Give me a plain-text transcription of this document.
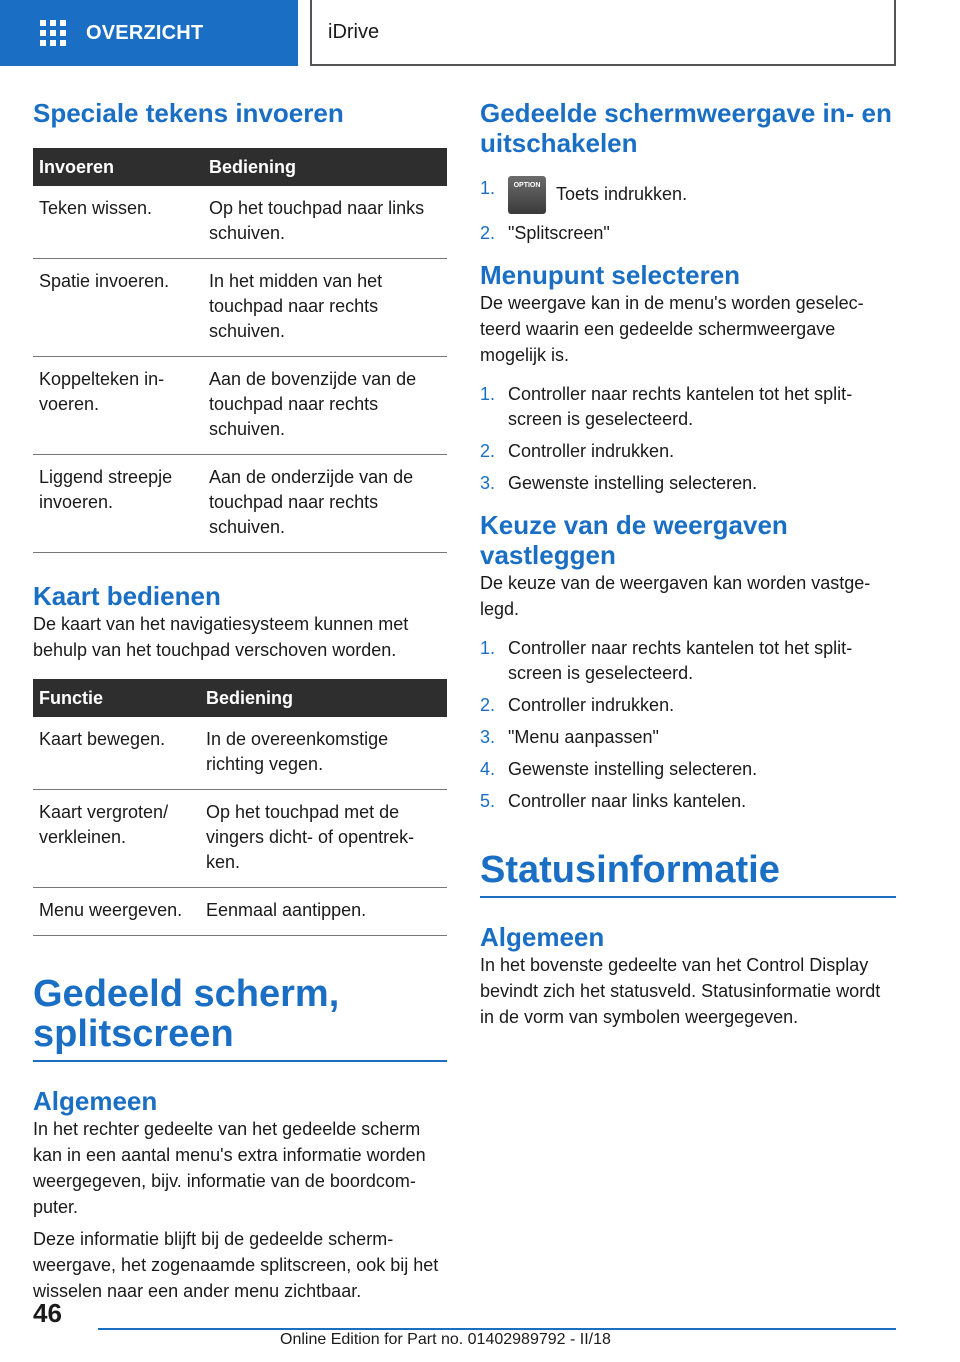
OVERZICHT	iDrive
Speciale tekens invoeren
Invoeren	Bediening
Teken wissen.	Op het touchpad naar links schuiven.
Spatie invoeren.	In het midden van het touchpad naar rechts schuiven.
Koppelteken invoeren.	Aan de bovenzijde van de touchpad naar rechts schuiven.
Liggend streepje invoeren.	Aan de onderzijde van de touchpad naar rechts schuiven.
Kaart bedienen

De kaart van het navigatiesysteem kunnen met behulp van het touchpad verschoven worden.

Functie	Bediening
Kaart bewegen.	In de overeenkomstige richting vegen.
Kaart vergroten/ verkleinen.	Op het touchpad met de vingers dicht- of opentrekken.
Menu weergeven.	Eenmaal aantippen.
Gedeeld scherm, splitscreen
Algemeen

In het rechter gedeelte van het gedeelde scherm kan in een aantal menu's extra informatie worden weergegeven, bijv. informatie van de boordcomputer.

Deze informatie blijft bij de gedeelde schermweergave, het zogenaamde splitscreen, ook bij het wisselen naar een ander menu zichtbaar.

Gedeelde schermweergave in- en uitschakelen
1.	OPTION Toets indrukken.
2. "Splitscreen"
Menupunt selecteren

De weergave kan in de menu's worden geselecteerd waarin een gedeelde schermweergave mogelijk is.

1. Controller naar rechts kantelen tot het splitscreen is geselecteerd.
2. Controller indrukken.
3. Gewenste instelling selecteren.
Keuze van de weergaven vastleggen

De keuze van de weergaven kan worden vastgelegd.

1. Controller naar rechts kantelen tot het splitscreen is geselecteerd.
2. Controller indrukken.
3. "Menu aanpassen"
4. Gewenste instelling selecteren.
5. Controller naar links kantelen.
Statusinformatie
Algemeen

In het bovenste gedeelte van het Control Display bevindt zich het statusveld. Statusinformatie wordt in de vorm van symbolen weergegeven.

46
Online Edition for Part no. 01402989792 - II/18
